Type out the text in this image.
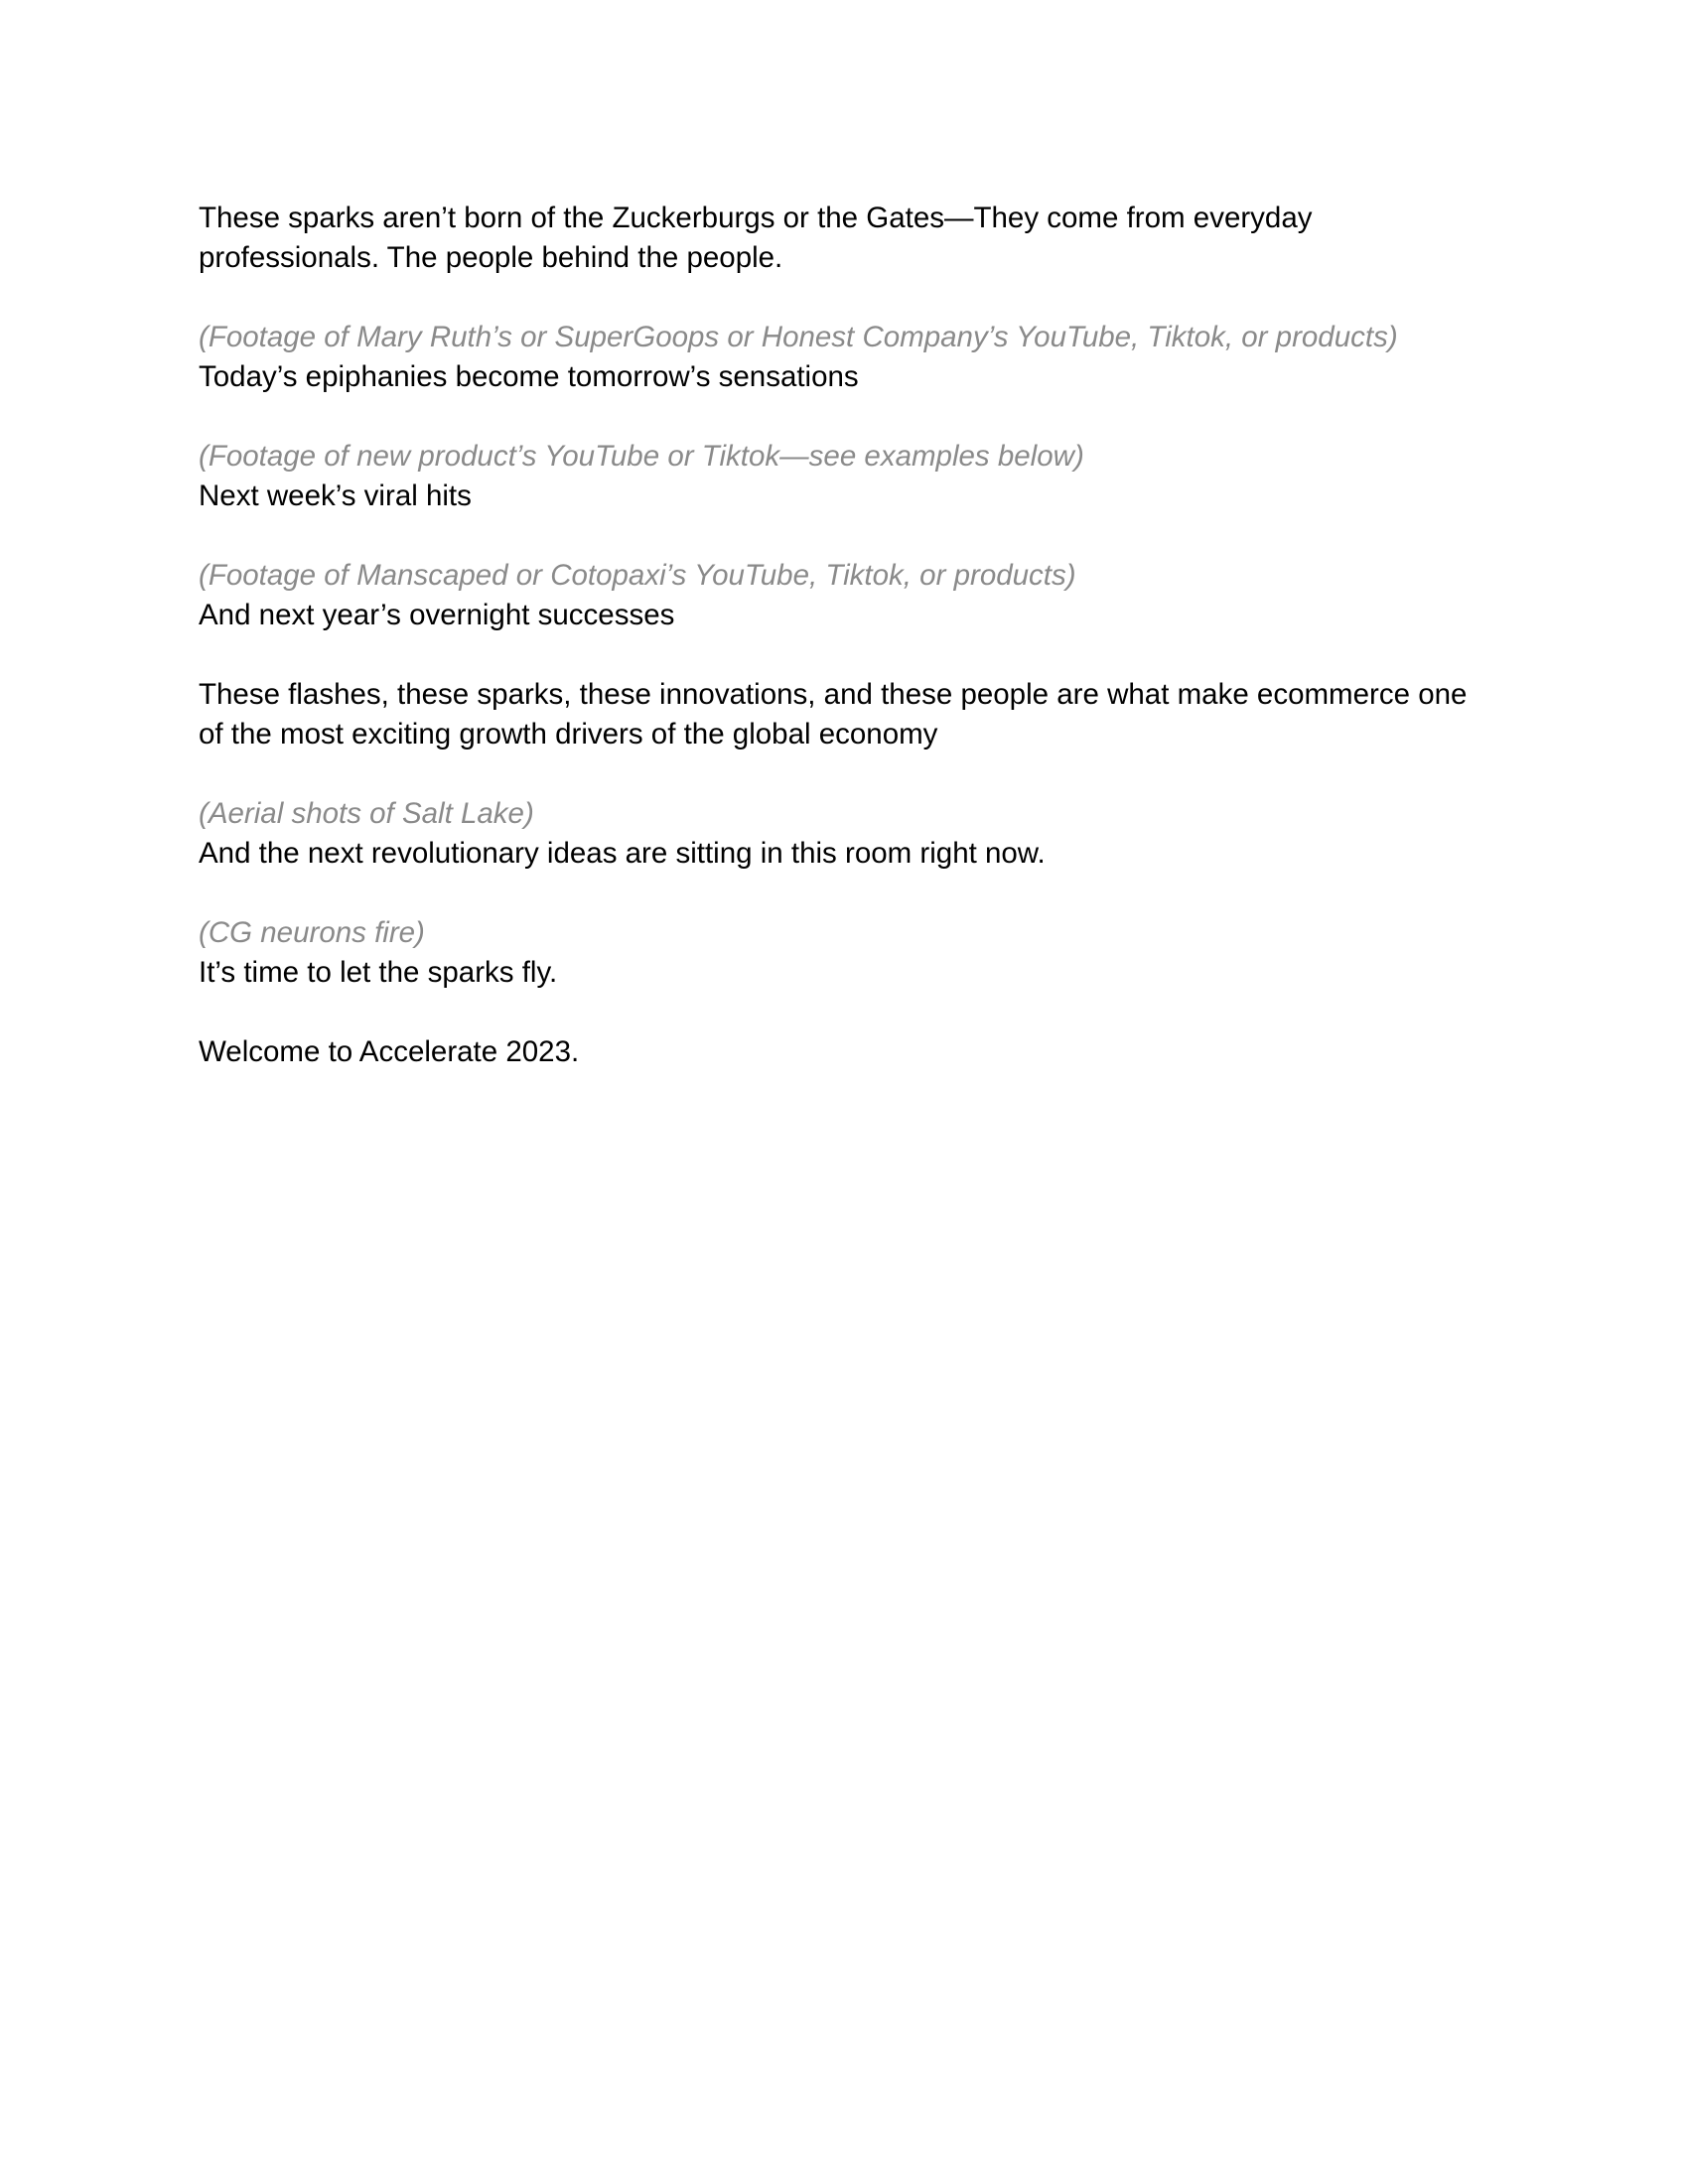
These sparks aren’t born of the Zuckerburgs or the Gates—They come from everyday professionals. The people behind the people.

(Footage of Mary Ruth’s or SuperGoops or Honest Company’s YouTube, Tiktok, or products)
Today’s epiphanies become tomorrow’s sensations
(Footage of new product’s YouTube or Tiktok—see examples below)
Next week’s viral hits
(Footage of Manscaped or Cotopaxi’s YouTube, Tiktok, or products)
And next year’s overnight successes

These flashes, these sparks, these innovations, and these people are what make ecommerce one of the most exciting growth drivers of the global economy

(Aerial shots of Salt Lake)
And the next revolutionary ideas are sitting in this room right now.
(CG neurons fire)
It’s time to let the sparks fly.

Welcome to Accelerate 2023.
